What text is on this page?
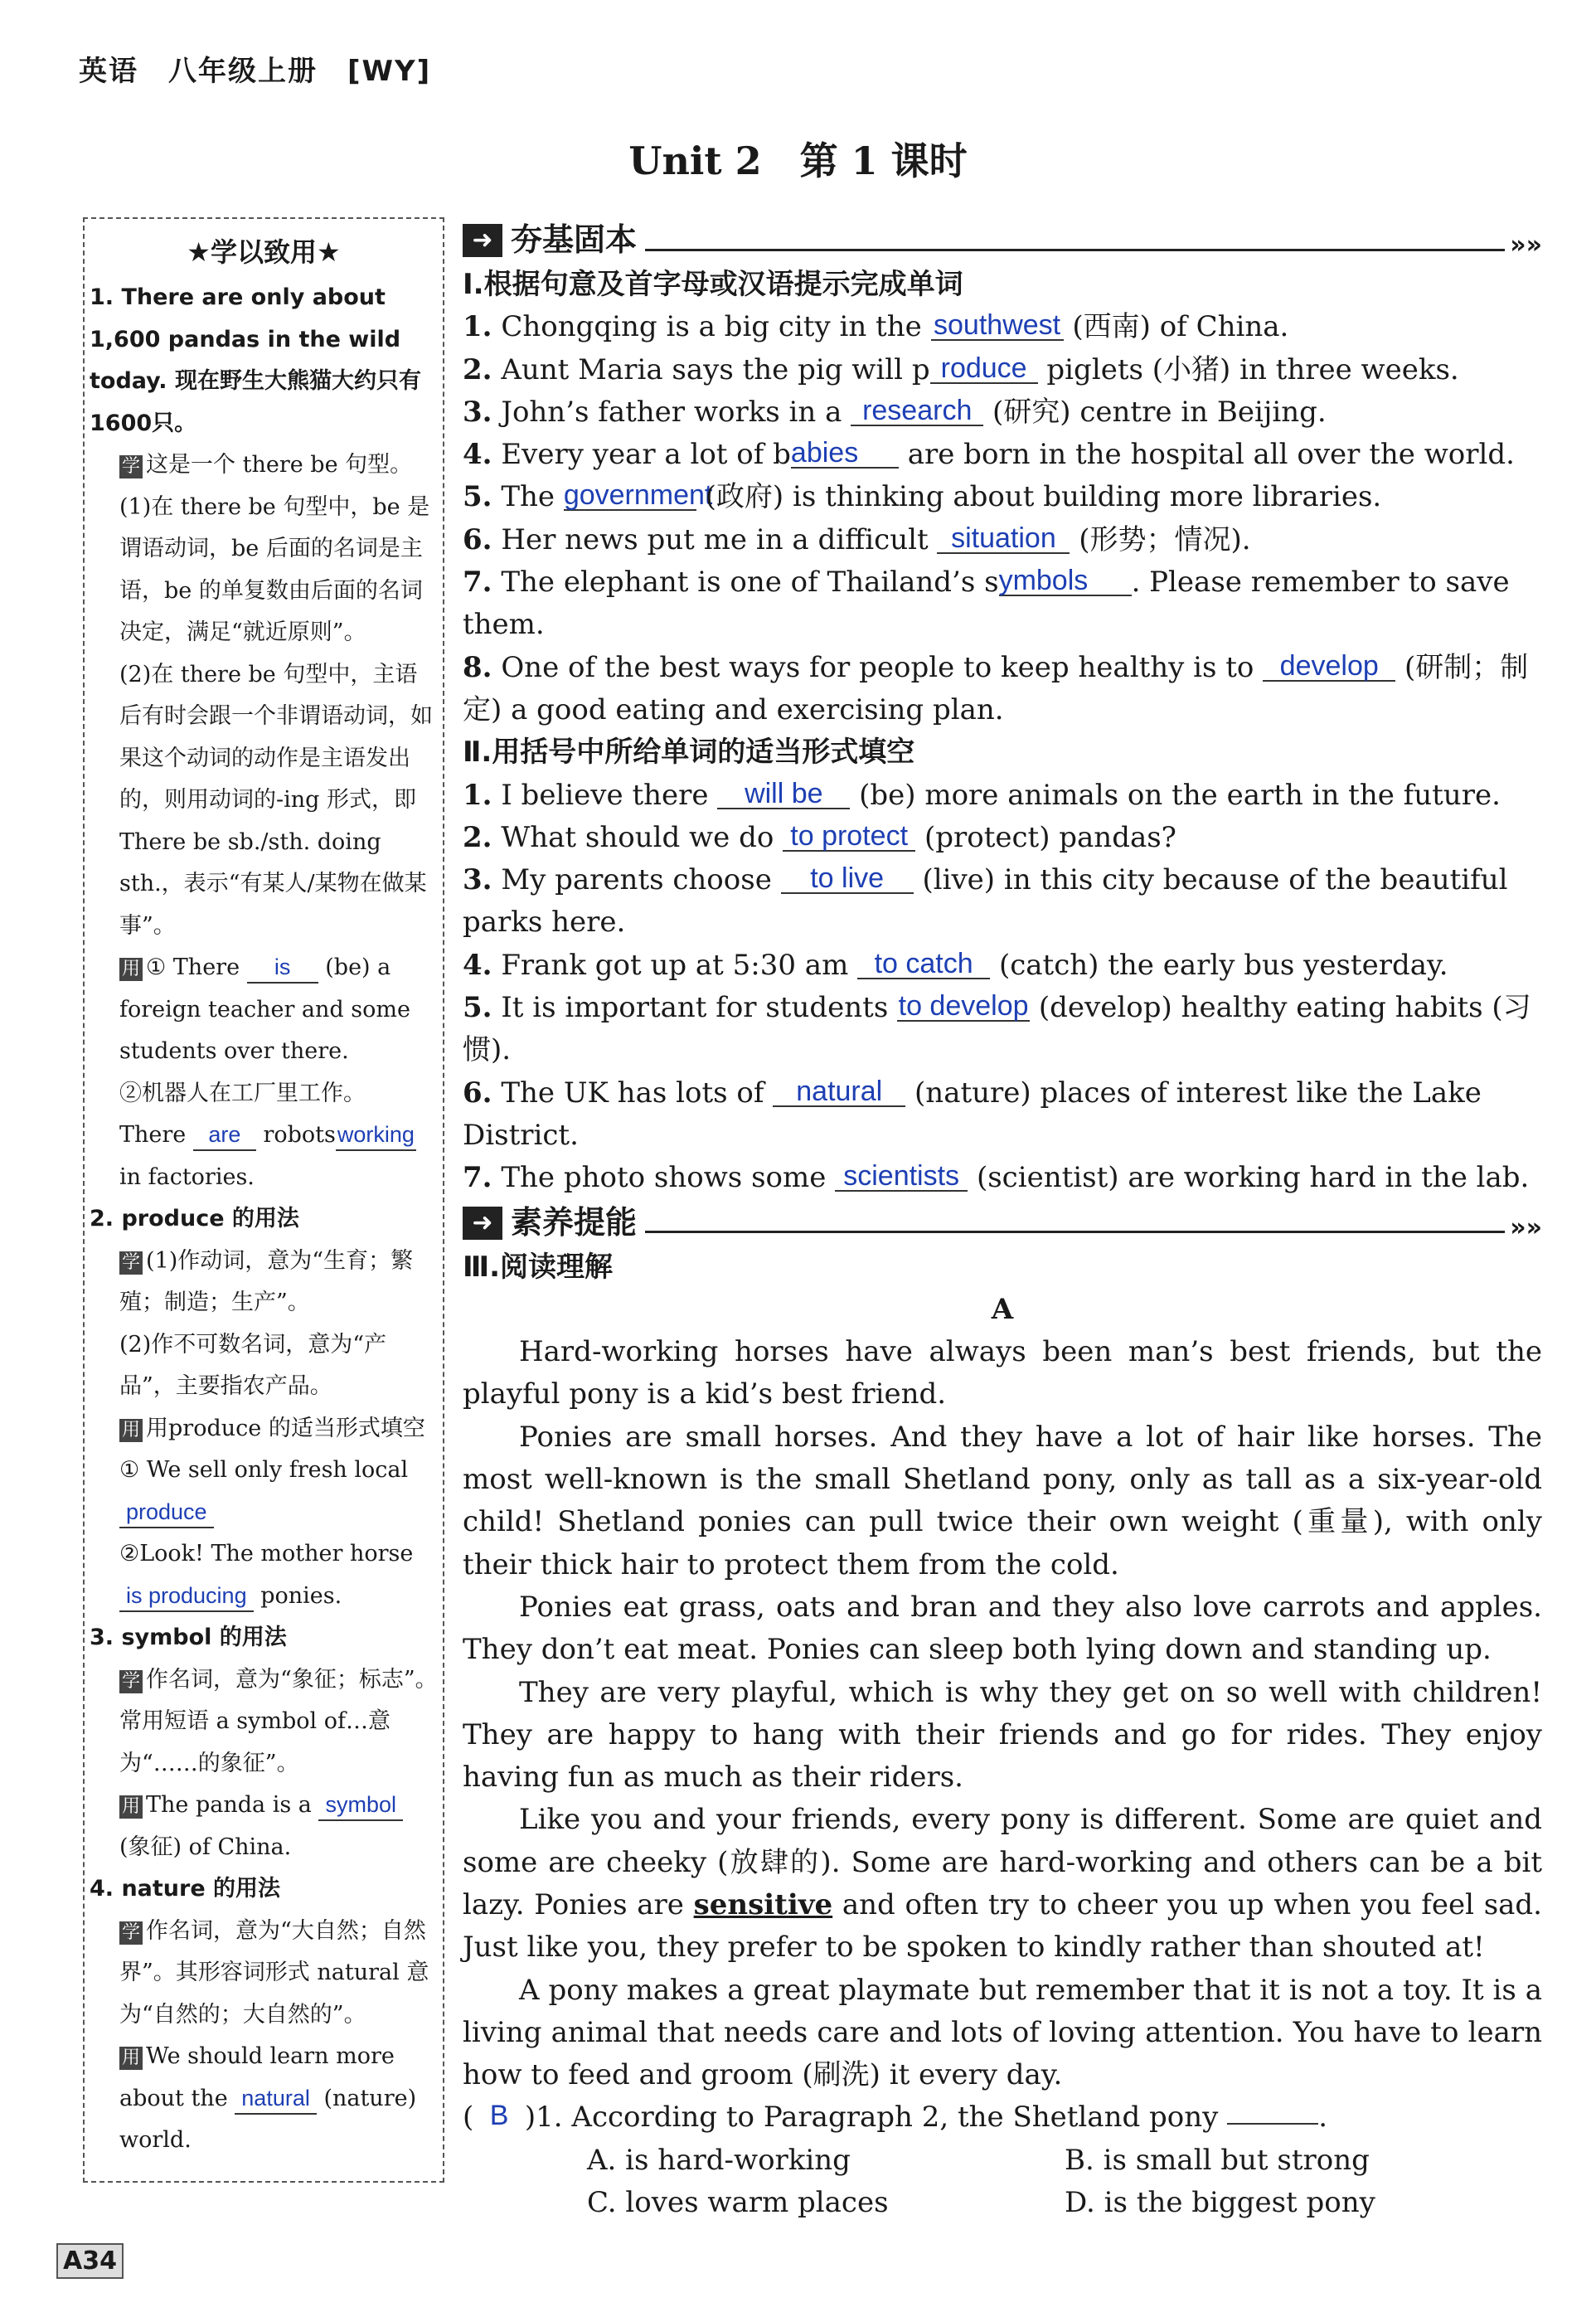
英语　八年级上册　[WY]
Unit 2　第 1 课时
★学以致用★
1. There are only about 1,600 pandas in the wild today. 现在野生大熊猫大约只有1600只。
学 这是一个 there be 句型。
(1)在 there be 句型中，be 是谓语动词，be 后面的名词是主语，be 的单复数由后面的名词决定，满足“就近原则”。
(2)在 there be 句型中，主语后有时会跟一个非谓语动词，如果这个动词的动作是主语发出的，则用动词的-ing 形式，即 There be sb./sth. doing sth.，表示“有某人/某物在做某事”。
用 ① There is (be) a foreign teacher and some students over there.
②机器人在工厂里工作。
There are robotsworking in factories.
2. produce 的用法
学 (1)作动词，意为“生育；繁殖；制造；生产”。
(2)作不可数名词，意为“产品”，主要指农产品。
用 用produce 的适当形式填空
① We sell only fresh local produce
②Look! The mother horse
is producing ponies.
3. symbol 的用法
学 作名词，意为“象征；标志”。常用短语 a symbol of…意为“……的象征”。
用 The panda is a symbol (象征) of China.
4. nature 的用法
学 作名词，意为“大自然；自然界”。其形容词形式 natural 意为“自然的；大自然的”。
用 We should learn more about the natural (nature) world.
➜ 夯基固本	»»
Ⅰ.根据句意及首字母或汉语提示完成单词
1. Chongqing is a big city in the southwest (西南) of China.
2. Aunt Maria says the pig will p roduce piglets (小猪) in three weeks.
3. John’s father works in a research (研究) centre in Beijing.
4. Every year a lot of babies are born in the hospital all over the world.
5. The government (政府) is thinking about building more libraries.
6. Her news put me in a difficult situation (形势；情况).
7. The elephant is one of Thailand’s symbols . Please remember to save them.
8. One of the best ways for people to keep healthy is to develop (研制；制定) a good eating and exercising plan.
Ⅱ.用括号中所给单词的适当形式填空
1. I believe there will be (be) more animals on the earth in the future.
2. What should we do to protect (protect) pandas?
3. My parents choose to live (live) in this city because of the beautiful parks here.
4. Frank got up at 5:30 am to catch (catch) the early bus yesterday.
5. It is important for students to develop (develop) healthy eating habits (习惯).
6. The UK has lots of natural (nature) places of interest like the Lake District.
7. The photo shows some scientists (scientist) are working hard in the lab.
➜ 素养提能	»»
Ⅲ.阅读理解
A

Hard-working horses have always been man’s best friends, but the playful pony is a kid’s best friend.

Ponies are small horses. And they have a lot of hair like horses. The most well-known is the small Shetland pony, only as tall as a six-year-old child! Shetland ponies can pull twice their own weight (重量), with only their thick hair to protect them from the cold.

Ponies eat grass, oats and bran and they also love carrots and apples. They don’t eat meat. Ponies can sleep both lying down and standing up.

They are very playful, which is why they get on so well with children! They are happy to hang with their friends and go for rides. They enjoy having fun as much as their riders.

Like you and your friends, every pony is different. Some are quiet and some are cheeky (放肆的). Some are hard-working and others can be a bit lazy. Ponies are sensitive and often try to cheer you up when you feel sad. Just like you, they prefer to be spoken to kindly rather than shouted at!

A pony makes a great playmate but remember that it is not a toy. It is a living animal that needs care and lots of loving attention. You have to learn how to feed and groom (刷洗) it every day.

( B )1. According to Paragraph 2, the Shetland pony	.
A. is hard-working	B. is small but strong
C. loves warm places	D. is the biggest pony
A34
